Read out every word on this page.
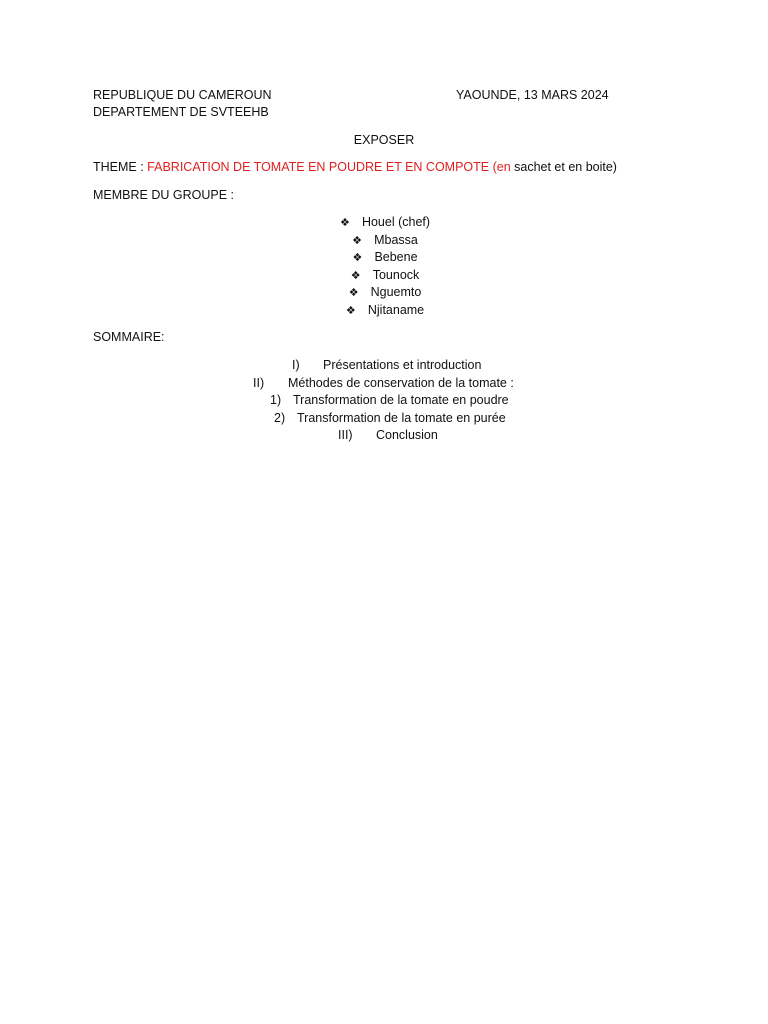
REPUBLIQUE DU CAMEROUN
DEPARTEMENT DE SVTEEHB
YAOUNDE, 13 MARS 2024
EXPOSER
THEME : FABRICATION DE TOMATE EN POUDRE ET EN COMPOTE (en sachet et en boite)
MEMBRE DU GROUPE :
❖ Houel (chef)
❖ Mbassa
❖ Bebene
❖ Tounock
❖ Nguemto
❖ Njitaname
SOMMAIRE:
I) Présentations et introduction
II) Méthodes de conservation de la tomate :
1) Transformation de la tomate en poudre
2) Transformation de la tomate en purée
III) Conclusion
